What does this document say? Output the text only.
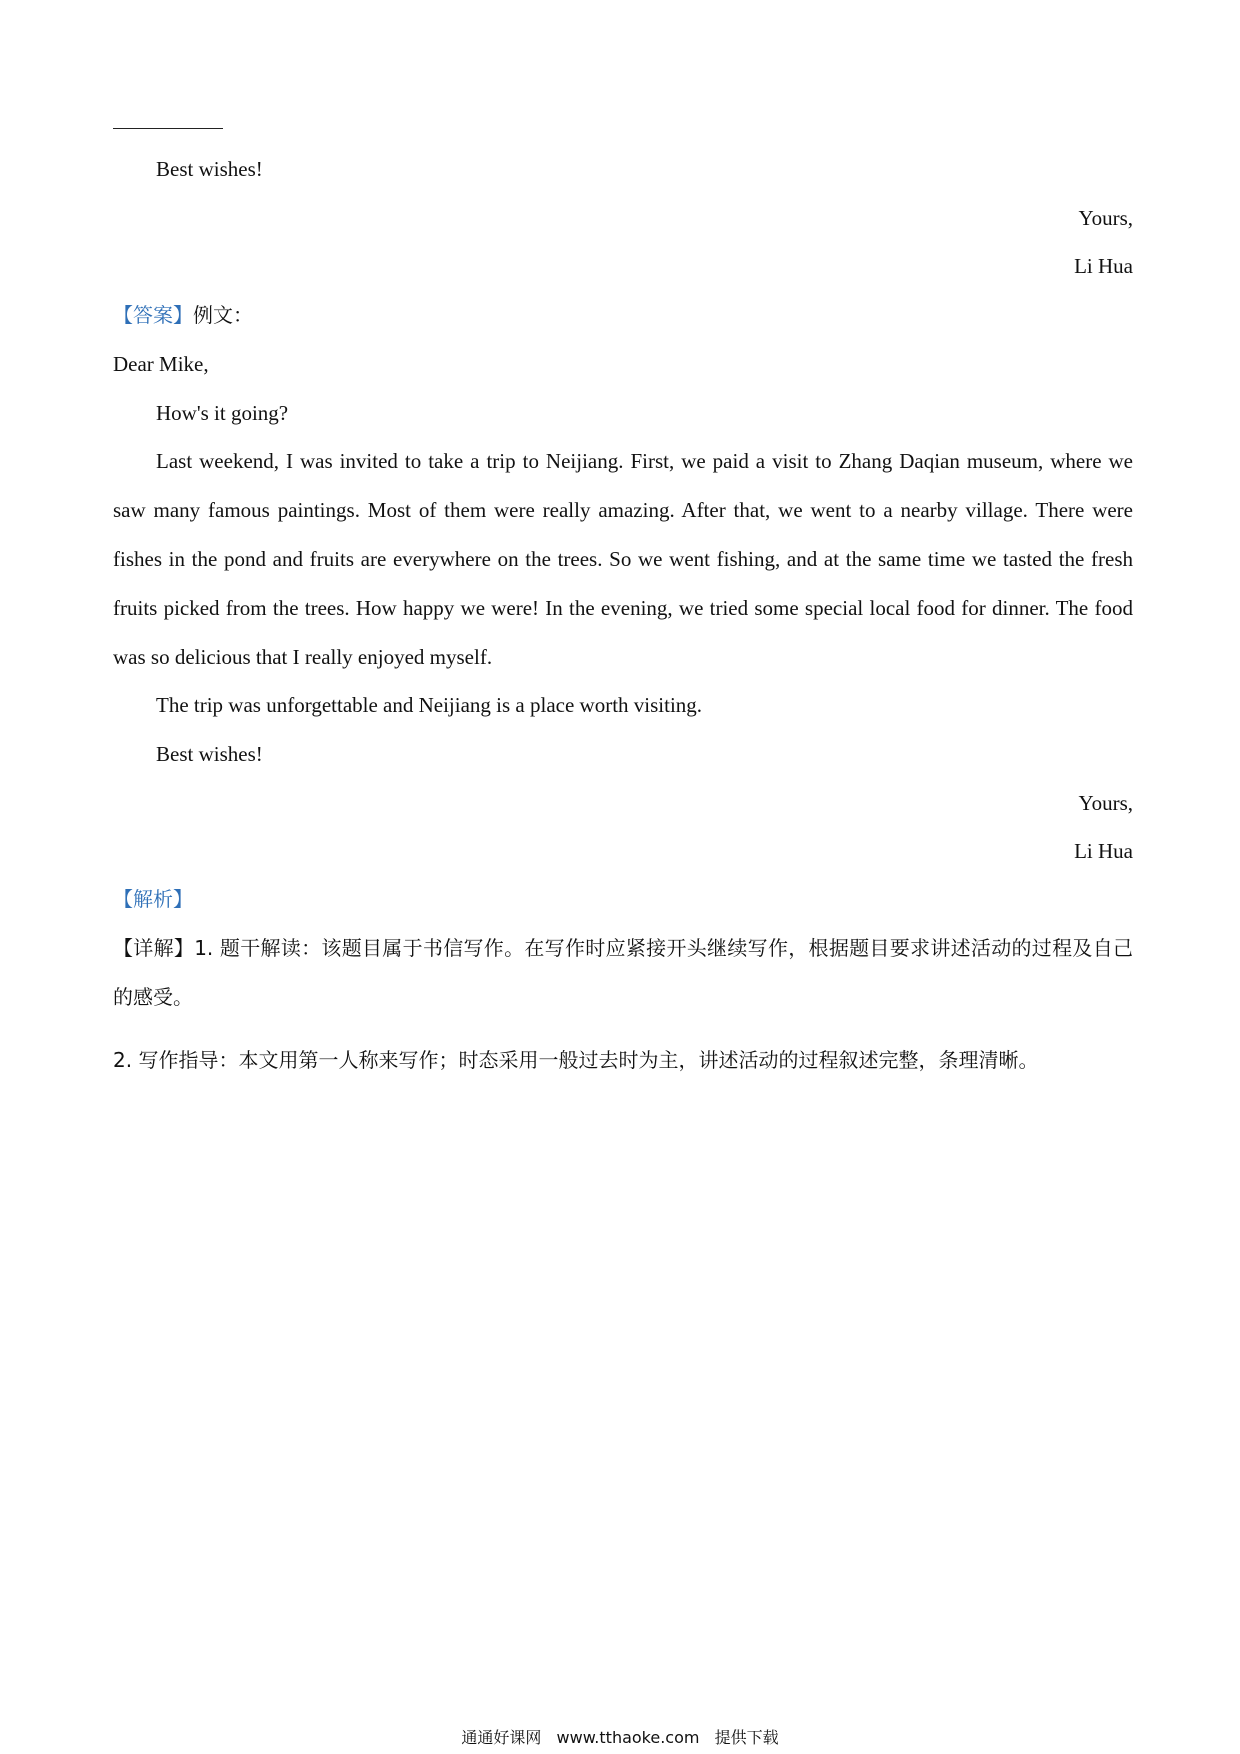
Best wishes!
Yours,
Li Hua
【答案】例文：
Dear Mike,
How's it going?
Last weekend, I was invited to take a trip to Neijiang. First, we paid a visit to Zhang Daqian museum, where we saw many famous paintings. Most of them were really amazing. After that, we went to a nearby village. There were fishes in the pond and fruits are everywhere on the trees. So we went fishing, and at the same time we tasted the fresh fruits picked from the trees. How happy we were! In the evening, we tried some special local food for dinner. The food was so delicious that I really enjoyed myself.
The trip was unforgettable and Neijiang is a place worth visiting.
Best wishes!
Yours,
Li Hua
【解析】
【详解】1. 题干解读：该题目属于书信写作。在写作时应紧接开头继续写作，根据题目要求讲述活动的过程及自己的感受。
2. 写作指导：本文用第一人称来写作；时态采用一般过去时为主，讲述活动的过程叙述完整，条理清晰。
通通好课网 www.tthaoke.com 提供下载
